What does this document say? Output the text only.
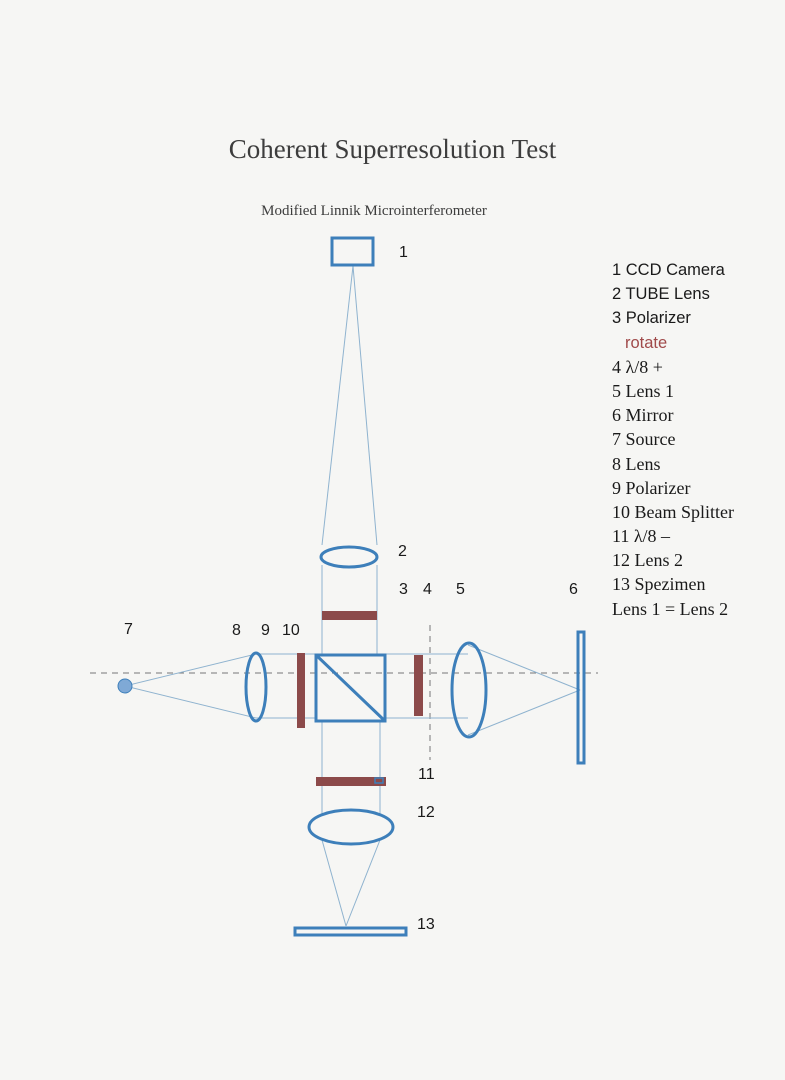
Coherent Superresolution Test
Modified Linnik Microinterferometer
1
2
3 4 5	6
7	8 9 10
11
12
13
1 CCD Camera
2 TUBE Lens
3 Polarizer
rotate
4 λ/8 +
5 Lens 1
6 Mirror
7 Source
8 Lens
9 Polarizer
10 Beam Splitter
11 λ/8 –
12 Lens 2
13 Spezimen
Lens 1 = Lens 2
